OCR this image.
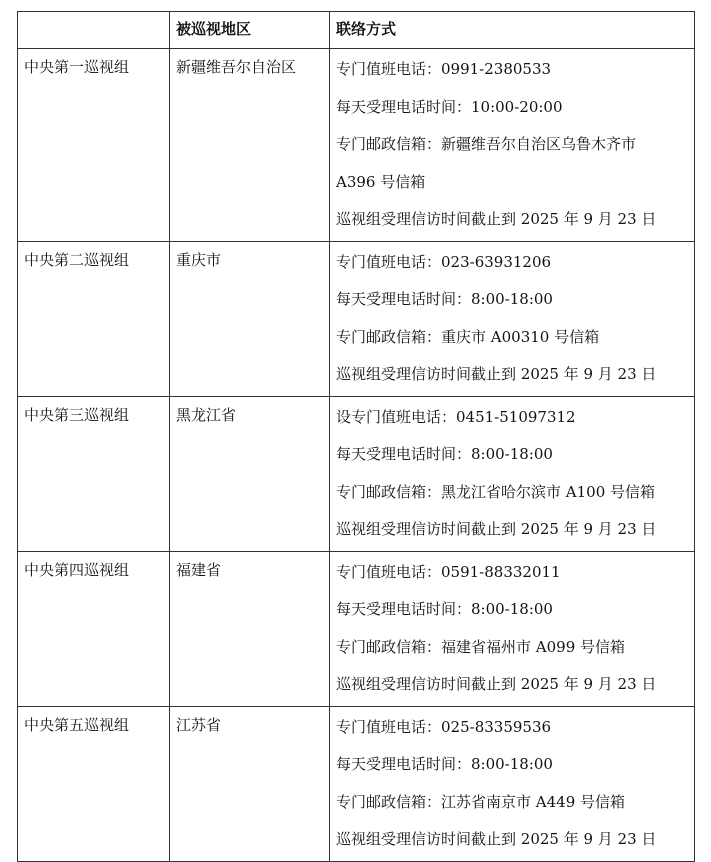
	被巡视地区	联络方式
中央第一巡视组	新疆维吾尔自治区	专门值班电话：0991-2380533
每天受理电话时间：10:00-20:00
专门邮政信箱：新疆维吾尔自治区乌鲁木齐市
A396 号信箱
巡视组受理信访时间截止到 2025 年 9 月 23 日

中央第二巡视组	重庆市	专门值班电话：023-63931206
每天受理电话时间：8:00-18:00
专门邮政信箱：重庆市 A00310 号信箱
巡视组受理信访时间截止到 2025 年 9 月 23 日

中央第三巡视组	黑龙江省	设专门值班电话：0451-51097312
每天受理电话时间：8:00-18:00
专门邮政信箱：黑龙江省哈尔滨市 A100 号信箱
巡视组受理信访时间截止到 2025 年 9 月 23 日

中央第四巡视组	福建省	专门值班电话：0591-88332011
每天受理电话时间：8:00-18:00
专门邮政信箱：福建省福州市 A099 号信箱
巡视组受理信访时间截止到 2025 年 9 月 23 日

中央第五巡视组	江苏省	专门值班电话：025-83359536
每天受理电话时间：8:00-18:00
专门邮政信箱：江苏省南京市 A449 号信箱
巡视组受理信访时间截止到 2025 年 9 月 23 日
